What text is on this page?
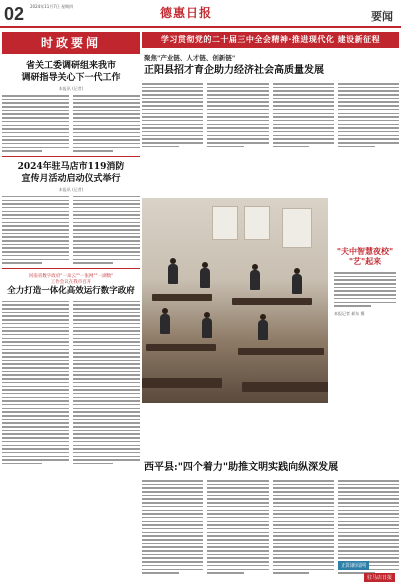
02 2024年11月7日 星期四	德惠日报	要闻
时政要闻
省关工委调研组来我市
调研指导关心下一代工作
本报讯 (记者)
2024年驻马店市119消防
宣传月活动启动仪式举行
本报讯 (记者)
河南省数字政府"一朵云""一张网""一湖数"
工作会议在我市召开
全力打造一体化高效运行数字政府
学习贯彻党的二十届三中全会精神·推进现代化 建设新征程
聚焦"产业链、人才链、创新链"
正阳县招才育企助力经济社会高质量发展
"夫中智慧夜校"
"艺"起来
本报记者 郝东 摄
西平县:"四个着力"助推文明实践向纵深发展
正阳新闻网
驻马店日报
